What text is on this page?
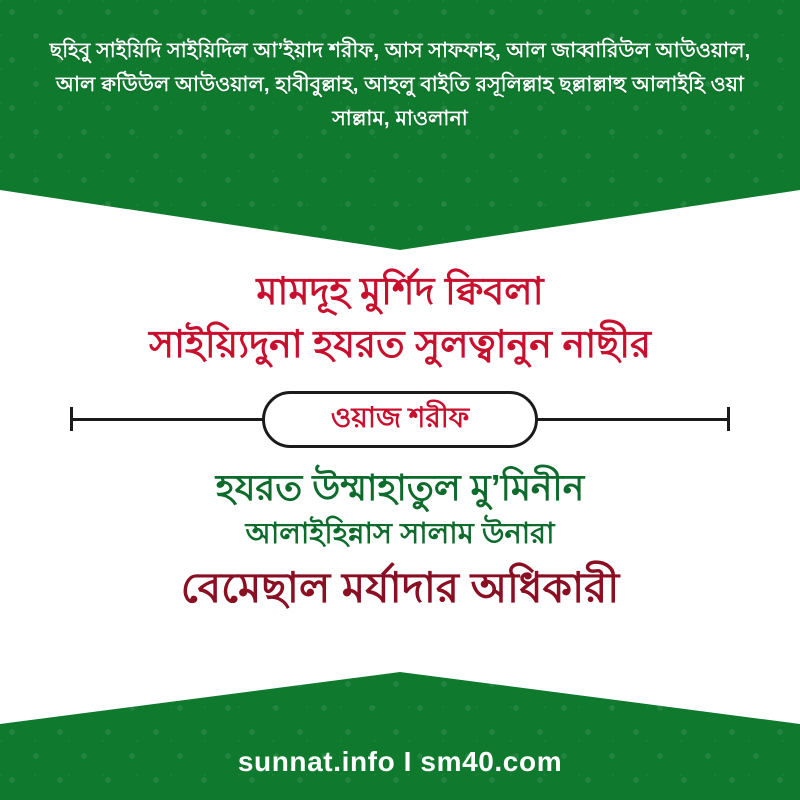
ছহিবু সাইয়িদি সাইয়িদিল আ’ইয়াদ শরীফ, আস সাফফাহ, আল জাব্বারিউল আউওয়াল, আল ক্বউিউল আউওয়াল, হাবীবুল্লাহ, আহলু বাইতি রসূলিল্লাহ ছল্লাল্লাহু আলাইহি ওয়া সাল্লাম, মাওলানা
মামদূহ মুর্শিদ ক্বিবলা
সাইয়্যিদুনা হযরত সুলত্বানুন নাছীর
ওয়াজ শরীফ
হযরত উম্মাহাতুল মু’মিনীন
আলাইহিন্নাস সালাম উনারা
বেমেছাল মর্যাদার অধিকারী
sunnat.info I sm40.com
